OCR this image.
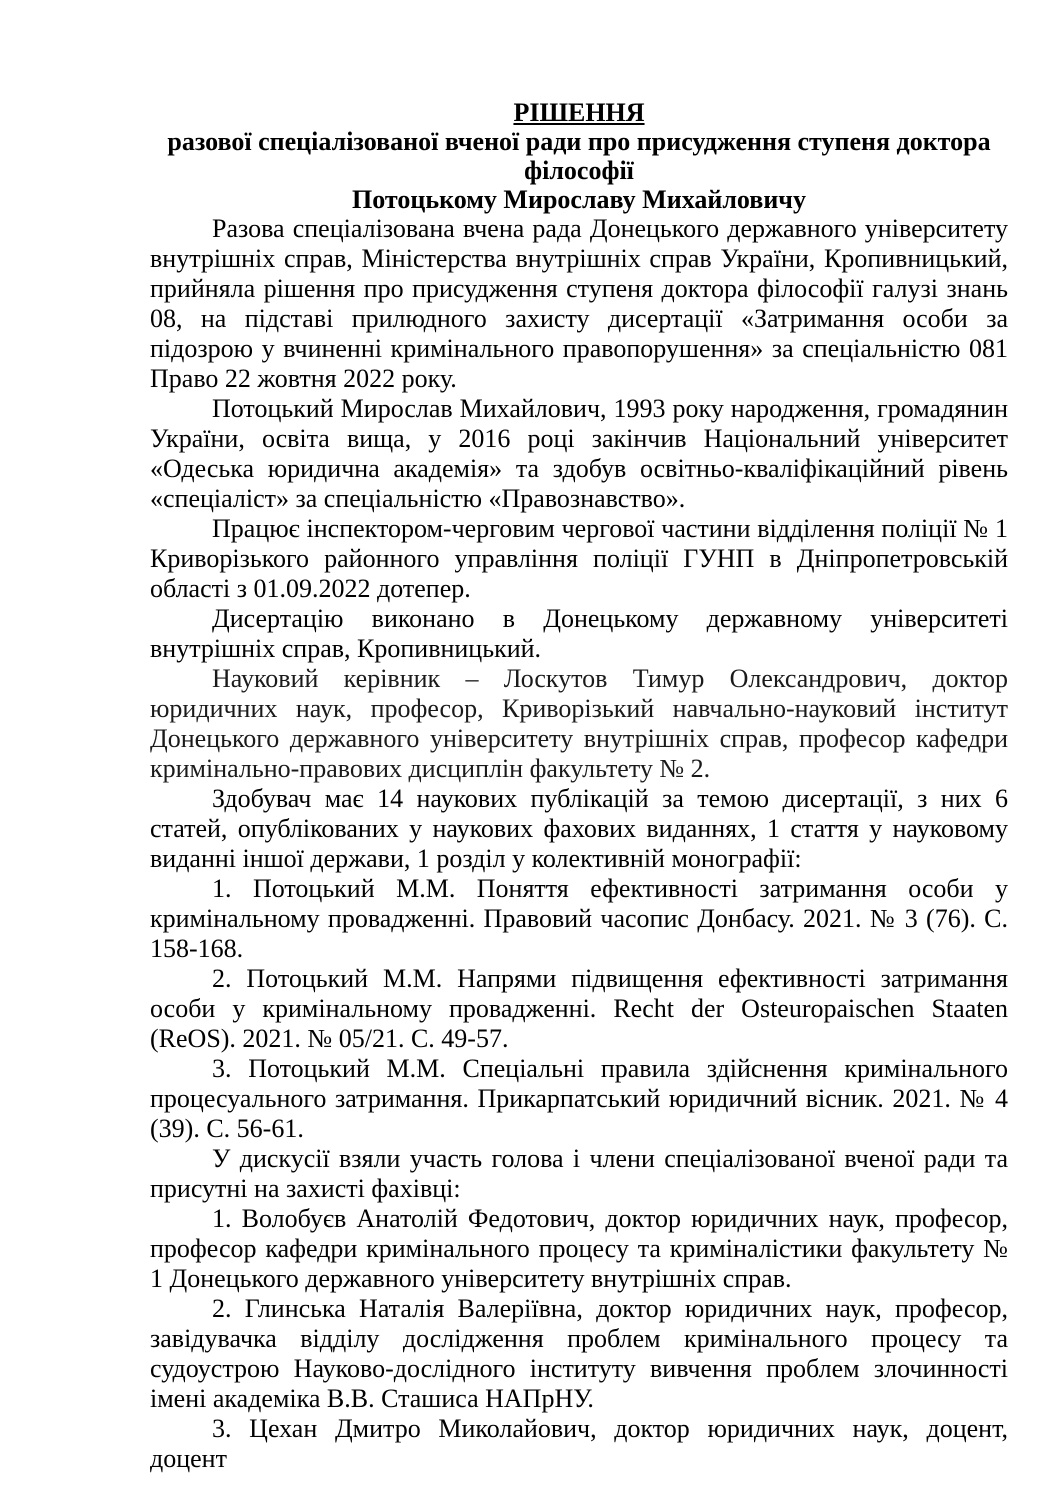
РІШЕННЯ

разової спеціалізованої вченої ради про присудження ступеня доктора філософії

Потоцькому Мирославу Михайловичу

Разова спеціалізована вчена рада Донецького державного університету внутрішніх справ, Міністерства внутрішніх справ України, Кропивницький, прийняла рішення про присудження ступеня доктора філософії галузі знань 08, на підставі прилюдного захисту дисертації «Затримання особи за підозрою у вчиненні кримінального правопорушення» за спеціальністю 081 Право 22 жовтня 2022 року.

Потоцький Мирослав Михайлович, 1993 року народження, громадянин України, освіта вища, у 2016 році закінчив Національний університет «Одеська юридична академія» та здобув освітньо-кваліфікаційний рівень «спеціаліст» за спеціальністю «Правознавство».

Працює інспектором-черговим чергової частини відділення поліції № 1 Криворізького районного управління поліції ГУНП в Дніпропетровській області з 01.09.2022 дотепер.

Дисертацію виконано в Донецькому державному університеті внутрішніх справ, Кропивницький.

Науковий керівник – Лоскутов Тимур Олександрович, доктор юридичних наук, професор, Криворізький навчально-науковий інститут Донецького державного університету внутрішніх справ, професор кафедри кримінально-правових дисциплін факультету № 2.

Здобувач має 14 наукових публікацій за темою дисертації, з них 6 статей, опублікованих у наукових фахових виданнях, 1 стаття у науковому виданні іншої держави, 1 розділ у колективній монографії:

1. Потоцький М.М. Поняття ефективності затримання особи у кримінальному провадженні. Правовий часопис Донбасу. 2021. № 3 (76). С. 158-168.

2. Потоцький М.М. Напрями підвищення ефективності затримання особи у кримінальному провадженні. Recht der Osteuropaischen Staaten (ReOS). 2021. № 05/21. С. 49-57.

3. Потоцький М.М. Спеціальні правила здійснення кримінального процесуального затримання. Прикарпатський юридичний вісник. 2021. № 4 (39). С. 56-61.

У дискусії взяли участь голова і члени спеціалізованої вченої ради та присутні на захисті фахівці:

1. Волобуєв Анатолій Федотович, доктор юридичних наук, професор, професор кафедри кримінального процесу та криміналістики факультету № 1 Донецького державного університету внутрішніх справ.

2. Глинська Наталія Валеріївна, доктор юридичних наук, професор, завідувачка відділу дослідження проблем кримінального процесу та судоустрою Науково-дослідного інституту вивчення проблем злочинності імені академіка В.В. Сташиса НАПрНУ.

3. Цехан Дмитро Миколайович, доктор юридичних наук, доцент, доцент
